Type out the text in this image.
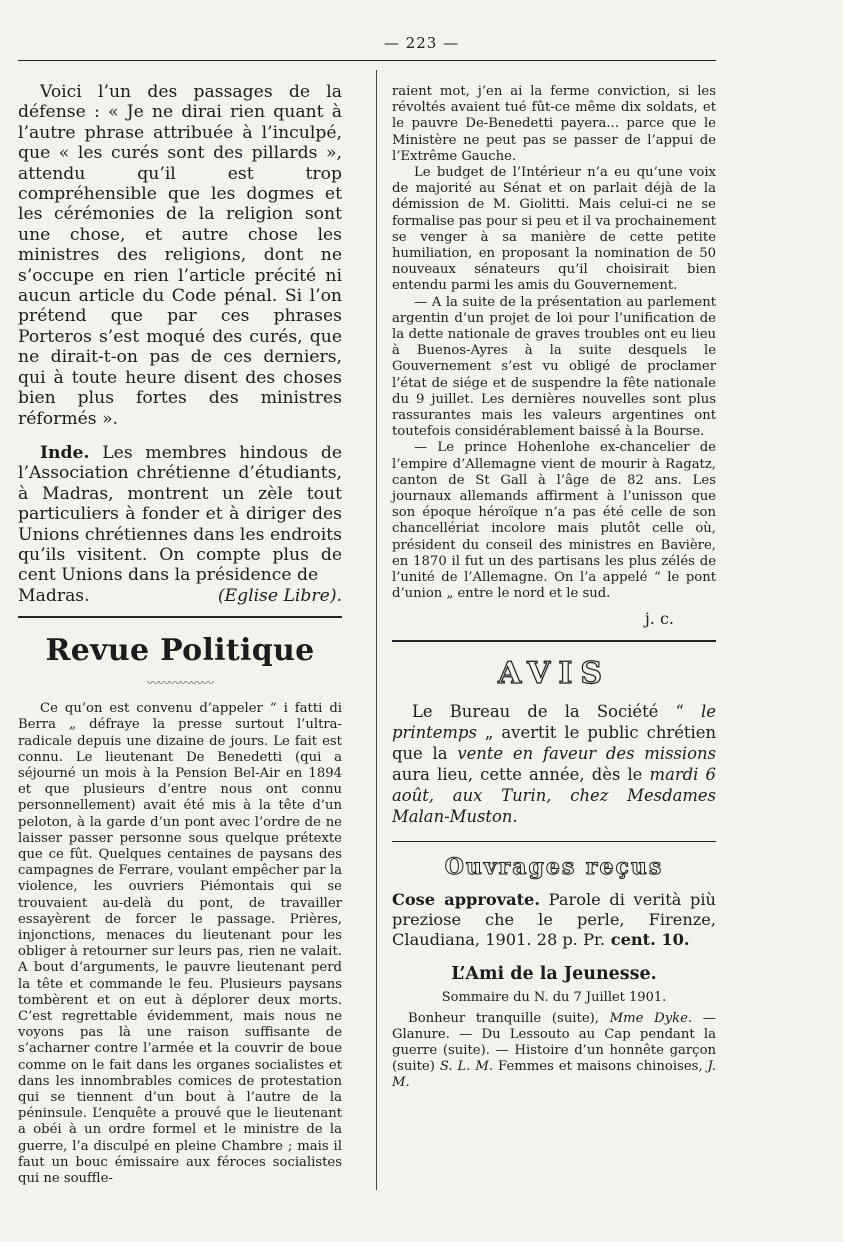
— 223 —

Voici l’un des passages de la défense : « Je ne dirai rien quant à l’autre phrase attribuée à l’inculpé, que « les curés sont des pillards », attendu qu’il est trop compréhensible que les dogmes et les cérémonies de la religion sont une chose, et autre chose les ministres des religions, dont ne s’occupe en rien l’article précité ni aucun article du Code pénal. Si l’on prétend que par ces phrases Porteros s’est moqué des curés, que ne dirait-t-on pas de ces derniers, qui à toute heure disent des choses bien plus fortes des ministres réformés ».

Inde. Les membres hindous de l’Association chrétienne d’étudiants, à Madras, montrent un zèle tout particuliers à fonder et à diriger des Unions chrétiennes dans les endroits qu’ils visitent. On compte plus de cent Unions dans la présidence de

Madras.	(Eglise Libre).
Revue Politique
〰〰〰〰〰〰

Ce qu’on est convenu d’appeler “ i fatti di Berra „ défraye la presse surtout l’ultra-radicale depuis une dizaine de jours. Le fait est connu. Le lieutenant De Benedetti (qui a séjourné un mois à la Pension Bel-Air en 1894 et que plusieurs d’entre nous ont connu personnellement) avait été mis à la tête d’un peloton, à la garde d’un pont avec l’ordre de ne laisser passer personne sous quelque prétexte que ce fût. Quelques centaines de paysans des campagnes de Ferrare, voulant empêcher par la violence, les ouvriers Piémontais qui se trouvaient au-delà du pont, de travailler essayèrent de forcer le passage. Prières, injonctions, menaces du lieutenant pour les obliger à retourner sur leurs pas, rien ne valait. A bout d’arguments, le pauvre lieutenant perd la tête et commande le feu. Plusieurs paysans tombèrent et on eut à déplorer deux morts. C’est regrettable évidemment, mais nous ne voyons pas là une raison suffisante de s’acharner contre l’armée et la couvrir de boue comme on le fait dans les organes socialistes et dans les innombrables comices de protestation qui se tiennent d’un bout à l’autre de la péninsule. L’enquête a prouvé que le lieutenant a obéi à un ordre formel et le ministre de la guerre, l’a disculpé en pleine Chambre ; mais il faut un bouc émissaire aux féroces socialistes qui ne souffle-

raient mot, j’en ai la ferme conviction, si les révoltés avaient tué fût-ce même dix soldats, et le pauvre De-Benedetti payera... parce que le Ministère ne peut pas se passer de l’appui de l’Extrême Gauche.

Le budget de l’Intérieur n’a eu qu’une voix de majorité au Sénat et on parlait déjà de la démission de M. Giolitti. Mais celui-ci ne se formalise pas pour si peu et il va prochainement se venger à sa manière de cette petite humiliation, en proposant la nomination de 50 nouveaux sénateurs qu’il choisirait bien entendu parmi les amis du Gouvernement.

— A la suite de la présentation au parlement argentin d’un projet de loi pour l’unification de la dette nationale de graves troubles ont eu lieu à Buenos-Ayres à la suite desquels le Gouvernement s’est vu obligé de proclamer l’état de siége et de suspendre la fête nationale du 9 juillet. Les dernières nouvelles sont plus rassurantes mais les valeurs argentines ont toutefois considérablement baissé à la Bourse.

— Le prince Hohenlohe ex-chancelier de l’empire d’Allemagne vient de mourir à Ragatz, canton de St Gall à l’âge de 82 ans. Les journaux allemands affirment à l’unisson que son époque héroïque n’a pas été celle de son chancellériat incolore mais plutôt celle où, président du conseil des ministres en Bavière, en 1870 il fut un des partisans les plus zélés de l’unité de l’Allemagne. On l’a appelé “ le pont d’union „ entre le nord et le sud.

j. c.
AVIS

Le Bureau de la Société “ le printemps „ avertit le public chrétien que la vente en faveur des missions aura lieu, cette année, dès le mardi 6 août, aux Turin, chez Mesdames Malan-Muston.

Ouvrages reçus

Cose approvate. Parole di verità più preziose che le perle, Firenze, Claudiana, 1901. 28 p. Pr. cent. 10.

L’Ami de la Jeunesse.
Sommaire du N. du 7 Juillet 1901.

Bonheur tranquille (suite), Mme Dyke. — Glanure. — Du Lessouto au Cap pendant la guerre (suite). — Histoire d’un honnête garçon (suite) S. L. M. Femmes et maisons chinoises, J. M.
